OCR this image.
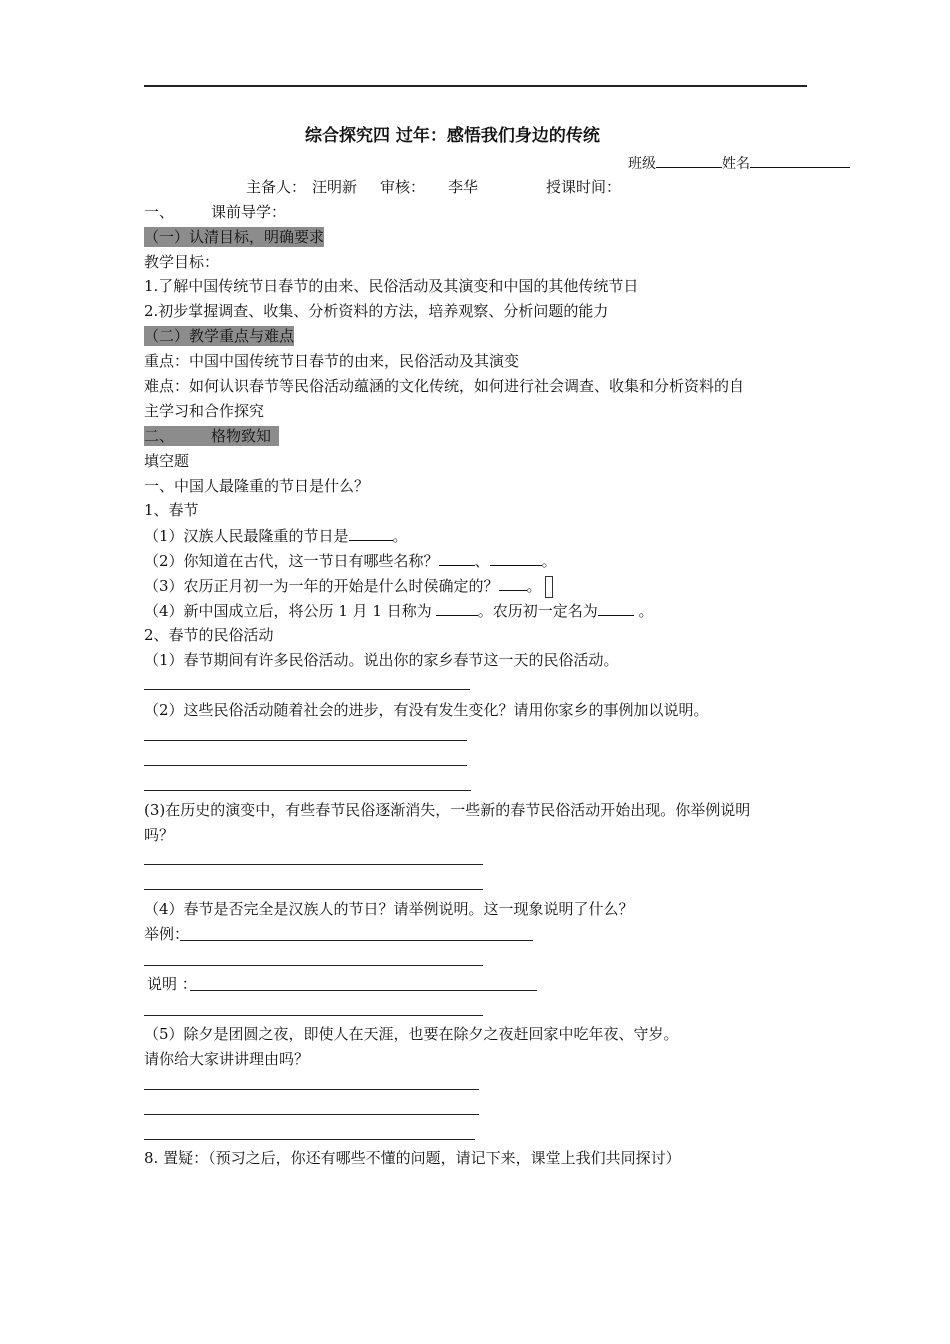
综合探究四 过年：感悟我们身边的传统
班级	姓名
主备人： 汪明新 审核： 李华	授课时间：
一、 课前导学：
（一）认清目标，明确要求
教学目标：
1.了解中国传统节日春节的由来、民俗活动及其演变和中国的其他传统节日
2.初步掌握调查、收集、分析资料的方法，培养观察、分析问题的能力
（二）教学重点与难点
重点：中国中国传统节日春节的由来，民俗活动及其演变
难点：如何认识春节等民俗活动蕴涵的文化传统，如何进行社会调查、收集和分析资料的自
主学习和合作探究
二、 格物致知
填空题
一、中国人最隆重的节日是什么？
1、春节
（1）汉族人民最隆重的节日是	。
（2）你知道在古代，这一节日有哪些名称？ 、	。
（3）农历正月初一为一年的开始是什么时侯确定的？ 。
（4）新中国成立后，将公历 1 月 1 日称为	。农历初一定名为 。
2、春节的民俗活动
（1）春节期间有许多民俗活动。说出你的家乡春节这一天的民俗活动。
（2）这些民俗活动随着社会的进步，有没有发生变化？请用你家乡的事例加以说明。
(3)在历史的演变中，有些春节民俗逐渐消失，一些新的春节民俗活动开始出现。你举例说明
吗？
（4）春节是否完全是汉族人的节日？请举例说明。这一现象说明了什么？
举例：
说明 ：
（5）除夕是团圆之夜，即使人在天涯，也要在除夕之夜赶回家中吃年夜、守岁。
请你给大家讲讲理由吗？
8. 置疑：（预习之后，你还有哪些不懂的问题，请记下来，课堂上我们共同探讨）
